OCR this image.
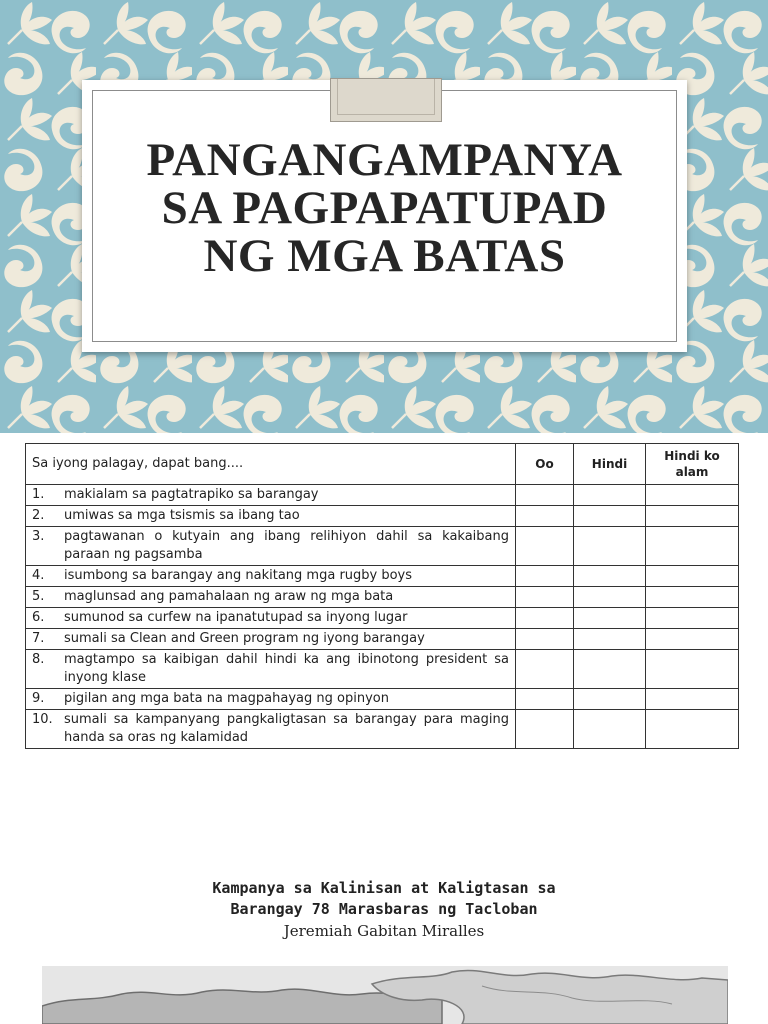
PANGANGAMPANYA
SA PAGPAPATUPAD
NG MGA BATAS
Sa iyong palagay, dapat bang....	Oo	Hindi	Hindi ko alam

1. makialam sa pagtatrapiko sa barangay			

2. umiwas sa mga tsismis sa ibang tao			

3. pagtawanan o kutyain ang ibang relihiyon dahil sa kakaibang paraan ng pagsamba			

4. isumbong sa barangay ang nakitang mga rugby boys			

5. maglunsad ang pamahalaan ng araw ng mga bata			

6. sumunod sa curfew na ipanatutupad sa inyong lugar			

7. sumali sa Clean and Green program ng iyong barangay			

8. magtampo sa kaibigan dahil hindi ka ang ibinotong president sa inyong klase			

9. pigilan ang mga bata na magpahayag ng opinyon			

10. sumali sa kampanyang pangkaligtasan sa barangay para maging handa sa oras ng kalamidad			

Kampanya sa Kalinisan at Kaligtasan sa
Barangay 78 Marasbaras ng Tacloban
Jeremiah Gabitan Miralles
